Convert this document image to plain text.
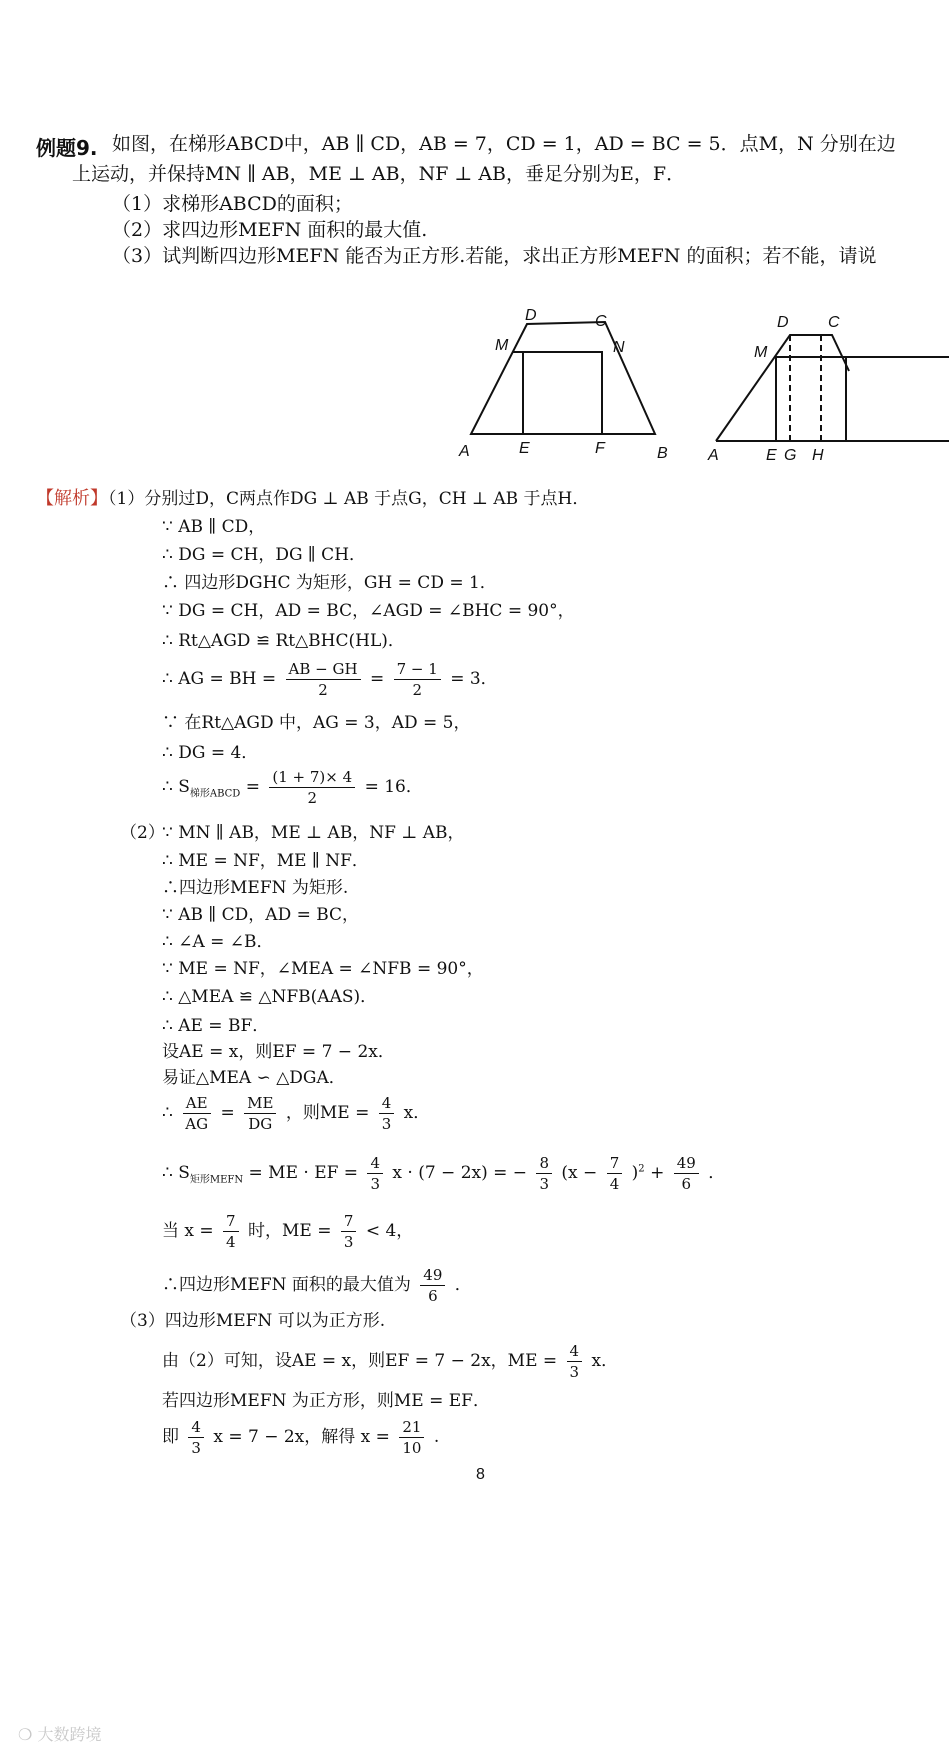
例题9. 如图，在梯形ABCD中，AB ∥ CD，AB = 7，CD = 1，AD = BC = 5．点M，N 分别在边
上运动，并保持MN ∥ AB，ME ⊥ AB，NF ⊥ AB，垂足分别为E，F．
（1）求梯形ABCD的面积；
（2）求四边形MEFN 面积的最大值.
（3）试判断四边形MEFN 能否为正方形.若能，求出正方形MEFN 的面积；若不能，请说
A	B
C
D
E	F
M	N
A
C
D
E G H
M
【解析】（1）分别过D，C两点作DG ⊥ AB 于点G，CH ⊥ AB 于点H．
∵ AB ∥ CD，
∴ DG = CH，DG ∥ CH．
∴ 四边形DGHC 为矩形，GH = CD = 1．
∵ DG = CH，AD = BC，∠AGD = ∠BHC = 90°，
∴ Rt△AGD ≌ Rt△BHC(HL)．
∴ AG = BH = $\frac{AB - GH}{2} = \frac{7 - 1}{2} = 3$．
∵ 在Rt△AGD 中，AG = 3，AD = 5，
∴ DG = 4．
∴ $S_{梯形ABCD} = \frac{(1 + 7)\times 4}{2} = 16$．
（2）
∵ MN ∥ AB，ME ⊥ AB，NF ⊥ AB，
∴ ME = NF，ME ∥ NF．
∴四边形MEFN 为矩形.
∵ AB ∥ CD，AD = BC，
∴ ∠A = ∠B．
∵ ME = NF，∠MEA = ∠NFB = 90°，
∴ △MEA ≌ △NFB(AAS)．
∴ AE = BF．
设AE = x，则EF = 7 − 2x．
易证△MEA ∽ △DGA．
∴ $\frac{AE}{AG} = \frac{ME}{DG}$ ，则ME = $\frac{4}{3}$ x．
∴ $S_{矩形MEFN}$ = ME · EF = $\frac{4}{3}$ x · (7 − 2x) = − $\frac{8}{3} (x - \frac{7}{4} )^2 + \frac{49}{6}$ ．
当 $x = \frac{7}{4}$ 时，ME = $\frac{7}{3} < 4$，
∴四边形MEFN 面积的最大值为 $\frac{49}{6}$ ．
（3）四边形MEFN 可以为正方形.
由（2）可知，设AE = x，则EF = 7 − 2x，ME = $\frac{4}{3}$ x．
若四边形MEFN 为正方形，则ME = EF．
即 $\frac{4}{3}$ x = 7 − 2x，解得 $x = \frac{21}{10}$ .
8
❍ 大数跨境
